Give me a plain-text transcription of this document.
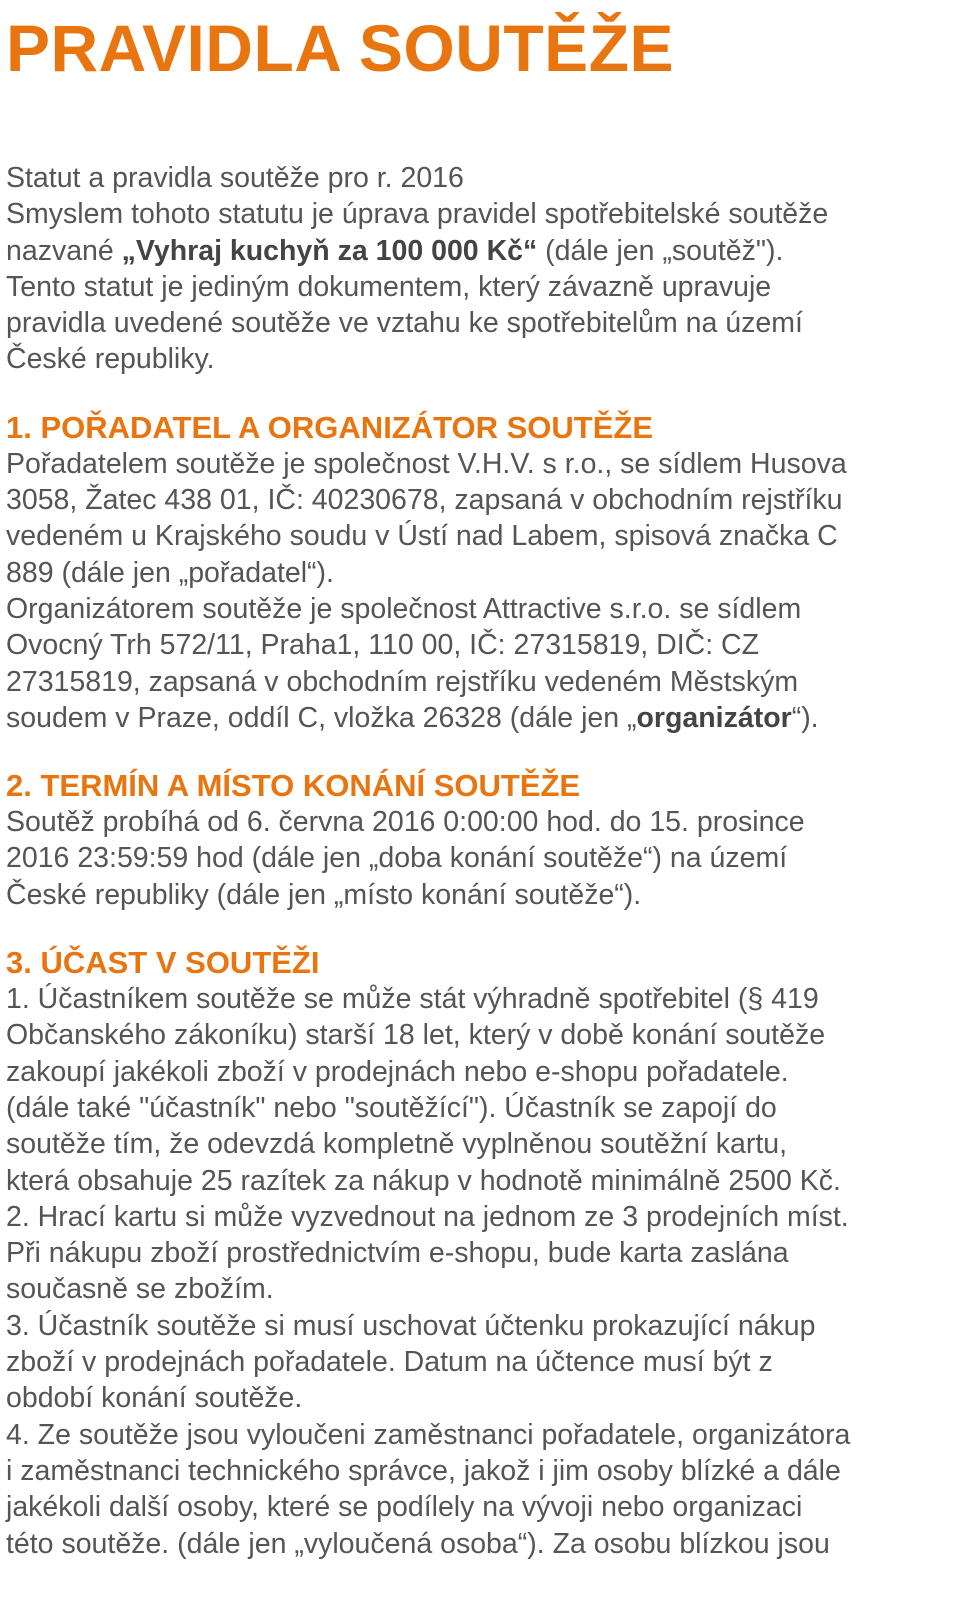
PRAVIDLA SOUTĚŽE

Statut a pravidla soutěže pro r. 2016

Smyslem tohoto statutu je úprava pravidel spotřebitelské soutěže

nazvané „Vyhraj kuchyň za 100 000 Kč“ (dále jen „soutěž").

Tento statut je jediným dokumentem, který závazně upravuje

pravidla uvedené soutěže ve vztahu ke spotřebitelům na území

České republiky.

1. POŘADATEL A ORGANIZÁTOR SOUTĚŽE

Pořadatelem soutěže je společnost V.H.V. s r.o., se sídlem Husova

3058, Žatec 438 01, IČ: 40230678, zapsaná v obchodním rejstříku

vedeném u Krajského soudu v Ústí nad Labem, spisová značka C

889 (dále jen „pořadatel“).

Organizátorem soutěže je společnost Attractive s.r.o. se sídlem

Ovocný Trh 572/11, Praha1, 110 00, IČ: 27315819, DIČ: CZ

27315819, zapsaná v obchodním rejstříku vedeném Městským

soudem v Praze, oddíl C, vložka 26328 (dále jen „organizátor“).

2. TERMÍN A MÍSTO KONÁNÍ SOUTĚŽE

Soutěž probíhá od 6. června 2016 0:00:00 hod. do 15. prosince

2016 23:59:59 hod (dále jen „doba konání soutěže“) na území

České republiky (dále jen „místo konání soutěže“).

3. ÚČAST V SOUTĚŽI

1. Účastníkem soutěže se může stát výhradně spotřebitel (§ 419

Občanského zákoníku) starší 18 let, který v době konání soutěže

zakoupí jakékoli zboží v prodejnách nebo e-shopu pořadatele.

(dále také "účastník" nebo "soutěžící"). Účastník se zapojí do

soutěže tím, že odevzdá kompletně vyplněnou soutěžní kartu,

která obsahuje 25 razítek za nákup v hodnotě minimálně 2500 Kč.

2. Hrací kartu si může vyzvednout na jednom ze 3 prodejních míst.

Při nákupu zboží prostřednictvím e-shopu, bude karta zaslána

současně se zbožím.

3. Účastník soutěže si musí uschovat účtenku prokazující nákup

zboží v prodejnách pořadatele. Datum na účtence musí být z

období konání soutěže.

4. Ze soutěže jsou vyloučeni zaměstnanci pořadatele, organizátora

i zaměstnanci technického správce, jakož i jim osoby blízké a dále

jakékoli další osoby, které se podílely na vývoji nebo organizaci

této soutěže. (dále jen „vyloučená osoba“). Za osobu blízkou jsou
